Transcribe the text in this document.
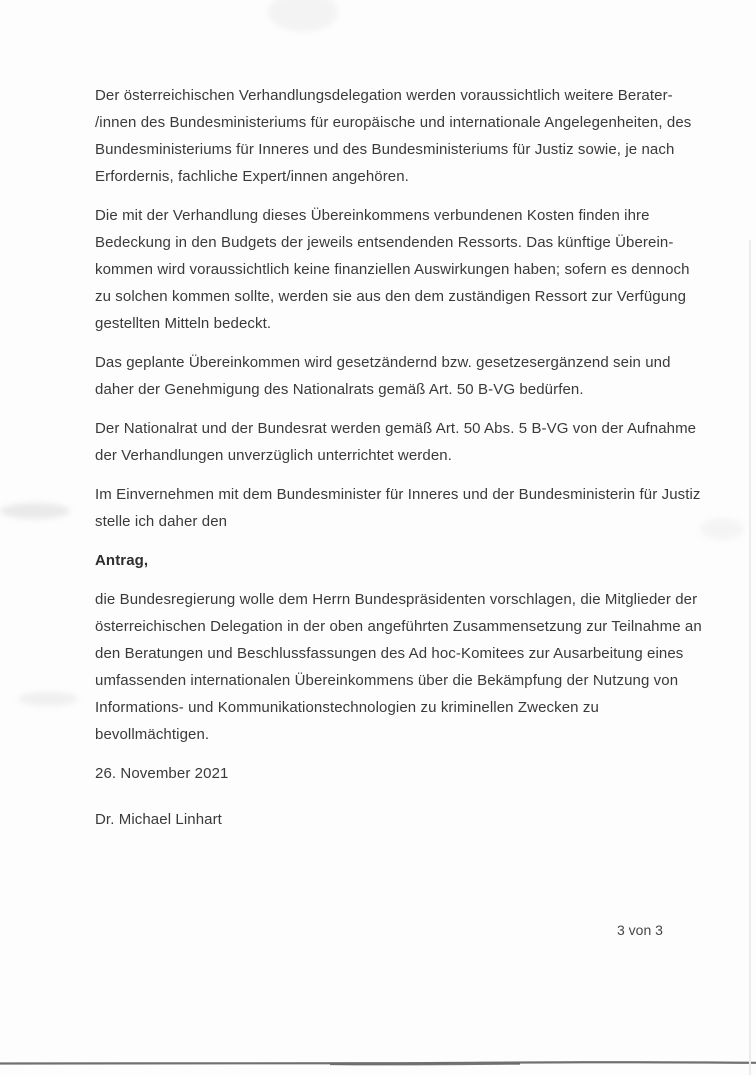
Der österreichischen Verhandlungsdelegation werden voraussichtlich weitere Berater-
/innen des Bundesministeriums für europäische und internationale Angelegenheiten, des
Bundesministeriums für Inneres und des Bundesministeriums für Justiz sowie, je nach
Erfordernis, fachliche Expert/innen angehören.

Die mit der Verhandlung dieses Übereinkommens verbundenen Kosten finden ihre
Bedeckung in den Budgets der jeweils entsendenden Ressorts. Das künftige Überein-
kommen wird voraussichtlich keine finanziellen Auswirkungen haben; sofern es dennoch
zu solchen kommen sollte, werden sie aus den dem zuständigen Ressort zur Verfügung
gestellten Mitteln bedeckt.

Das geplante Übereinkommen wird gesetzändernd bzw. gesetzesergänzend sein und
daher der Genehmigung des Nationalrats gemäß Art. 50 B-VG bedürfen.

Der Nationalrat und der Bundesrat werden gemäß Art. 50 Abs. 5 B-VG von der Aufnahme
der Verhandlungen unverzüglich unterrichtet werden.

Im Einvernehmen mit dem Bundesminister für Inneres und der Bundesministerin für Justiz
stelle ich daher den

Antrag,

die Bundesregierung wolle dem Herrn Bundespräsidenten vorschlagen, die Mitglieder der
österreichischen Delegation in der oben angeführten Zusammensetzung zur Teilnahme an
den Beratungen und Beschlussfassungen des Ad hoc-Komitees zur Ausarbeitung eines
umfassenden internationalen Übereinkommens über die Bekämpfung der Nutzung von
Informations- und Kommunikationstechnologien zu kriminellen Zwecken zu
bevollmächtigen.

26. November 2021

Dr. Michael Linhart

3 von 3
